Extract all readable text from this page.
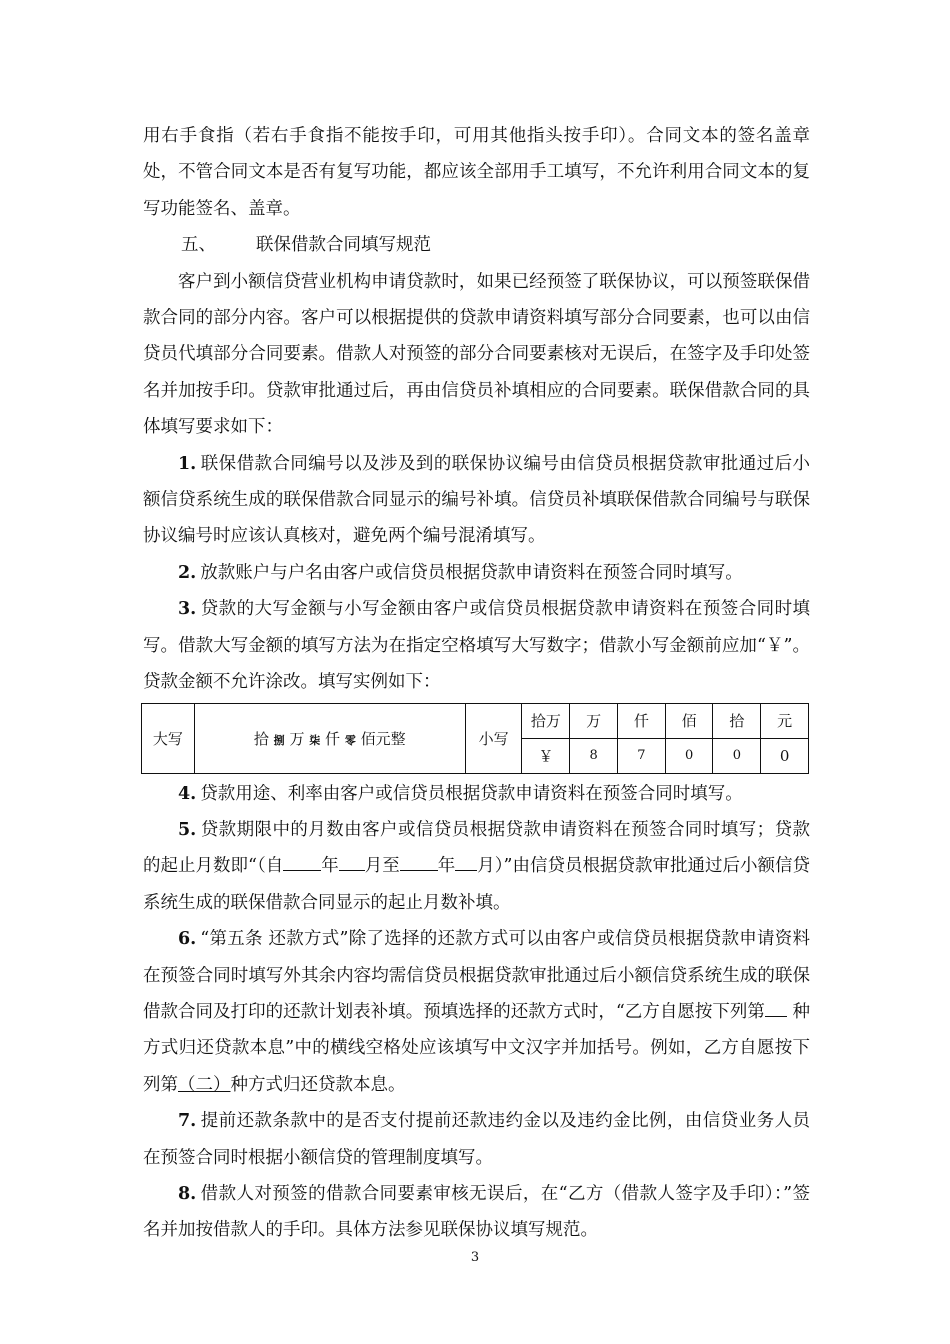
用右手食指（若右手食指不能按手印，可用其他指头按手印）。合同文本的签名盖章处，不管合同文本是否有复写功能，都应该全部用手工填写，不允许利用合同文本的复写功能签名、盖章。

五、 联保借款合同填写规范

客户到小额信贷营业机构申请贷款时，如果已经预签了联保协议，可以预签联保借款合同的部分内容。客户可以根据提供的贷款申请资料填写部分合同要素，也可以由信贷员代填部分合同要素。借款人对预签的部分合同要素核对无误后，在签字及手印处签名并加按手印。贷款审批通过后，再由信贷员补填相应的合同要素。联保借款合同的具体填写要求如下：

1. 联保借款合同编号以及涉及到的联保协议编号由信贷员根据贷款审批通过后小额信贷系统生成的联保借款合同显示的编号补填。信贷员补填联保借款合同编号与联保协议编号时应该认真核对，避免两个编号混淆填写。

2. 放款账户与户名由客户或信贷员根据贷款申请资料在预签合同时填写。

3. 贷款的大写金额与小写金额由客户或信贷员根据贷款申请资料在预签合同时填写。借款大写金额的填写方法为在指定空格填写大写数字；借款小写金额前应加“￥”。贷款金额不允许涂改。填写实例如下：

大写	拾 捌 万 柒 仟 零 佰元整	小写	拾万	万	仟	佰	拾	元
			￥	8	7	0	0	0

4. 贷款用途、利率由客户或信贷员根据贷款申请资料在预签合同时填写。

5. 贷款期限中的月数由客户或信贷员根据贷款申请资料在预签合同时填写；贷款的起止月数即“（自 年 月至 年 月）”由信贷员根据贷款审批通过后小额信贷系统生成的联保借款合同显示的起止月数补填。

6. “第五条 还款方式”除了选择的还款方式可以由客户或信贷员根据贷款申请资料在预签合同时填写外其余内容均需信贷员根据贷款审批通过后小额信贷系统生成的联保借款合同及打印的还款计划表补填。预填选择的还款方式时，“乙方自愿按下列第 种方式归还贷款本息”中的横线空格处应该填写中文汉字并加括号。例如，乙方自愿按下列第（二）种方式归还贷款本息。

7. 提前还款条款中的是否支付提前还款违约金以及违约金比例，由信贷业务人员在预签合同时根据小额信贷的管理制度填写。

8. 借款人对预签的借款合同要素审核无误后，在“乙方（借款人签字及手印）：”签名并加按借款人的手印。具体方法参见联保协议填写规范。

3
